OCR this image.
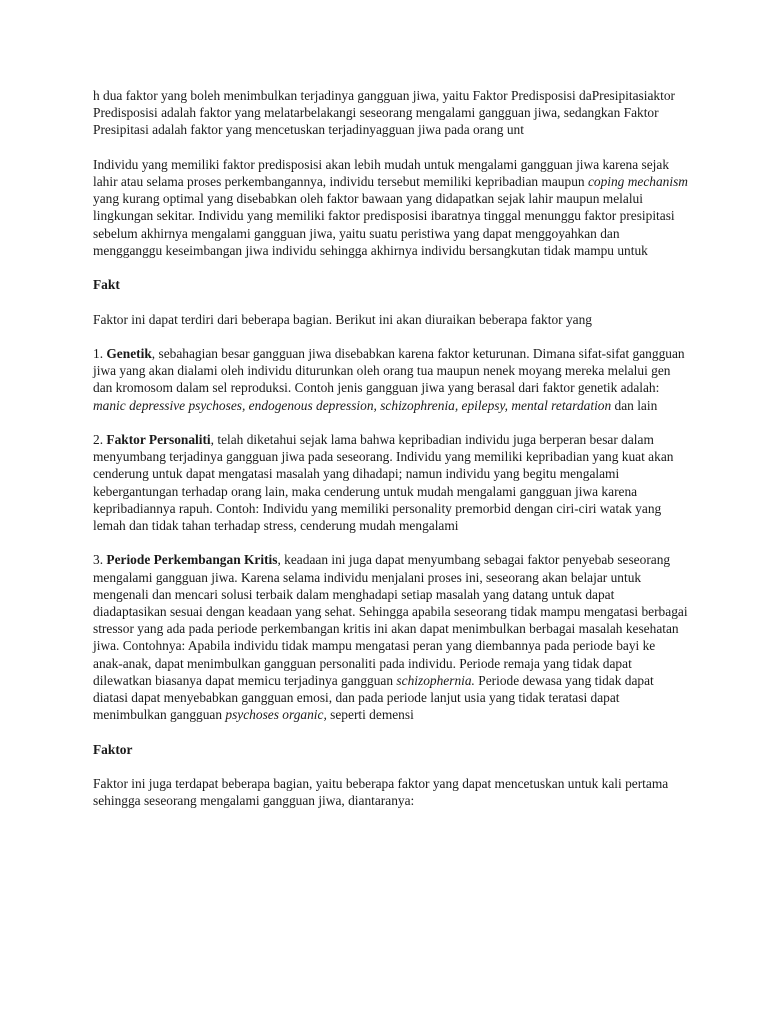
h dua faktor yang boleh menimbulkan terjadinya gangguan jiwa, yaitu Faktor Predisposisi daPresipitasiaktor Predisposisi adalah faktor yang melatarbelakangi seseorang mengalami gangguan jiwa, sedangkan Faktor Presipitasi adalah faktor yang mencetuskan terjadinyagguan jiwa pada orang unt

Individu yang memiliki faktor predisposisi akan lebih mudah untuk mengalami gangguan jiwa karena sejak lahir atau selama proses perkembangannya, individu tersebut memiliki kepribadian maupun coping mechanism yang kurang optimal yang disebabkan oleh faktor bawaan yang didapatkan sejak lahir maupun melalui lingkungan sekitar. Individu yang memiliki faktor predisposisi ibaratnya tinggal menunggu faktor presipitasi sebelum akhirnya mengalami gangguan jiwa, yaitu suatu peristiwa yang dapat menggoyahkan dan mengganggu keseimbangan jiwa individu sehingga akhirnya individu bersangkutan tidak mampu untuk

Fakt

Faktor ini dapat terdiri dari beberapa bagian. Berikut ini akan diuraikan beberapa faktor yang

1. Genetik, sebahagian besar gangguan jiwa disebabkan karena faktor keturunan. Dimana sifat-sifat gangguan jiwa yang akan dialami oleh individu diturunkan oleh orang tua maupun nenek moyang mereka melalui gen dan kromosom dalam sel reproduksi. Contoh jenis gangguan jiwa yang berasal dari faktor genetik adalah: manic depressive psychoses, endogenous depression, schizophrenia, epilepsy, mental retardation dan lain

2. Faktor Personaliti, telah diketahui sejak lama bahwa kepribadian individu juga berperan besar dalam menyumbang terjadinya gangguan jiwa pada seseorang. Individu yang memiliki kepribadian yang kuat akan cenderung untuk dapat mengatasi masalah yang dihadapi; namun individu yang begitu mengalami kebergantungan terhadap orang lain, maka cenderung untuk mudah mengalami gangguan jiwa karena kepribadiannya rapuh. Contoh: Individu yang memiliki personality premorbid dengan ciri-ciri watak yang lemah dan tidak tahan terhadap stress, cenderung mudah mengalami

3. Periode Perkembangan Kritis, keadaan ini juga dapat menyumbang sebagai faktor penyebab seseorang mengalami gangguan jiwa. Karena selama individu menjalani proses ini, seseorang akan belajar untuk mengenali dan mencari solusi terbaik dalam menghadapi setiap masalah yang datang untuk dapat diadaptasikan sesuai dengan keadaan yang sehat. Sehingga apabila seseorang tidak mampu mengatasi berbagai stressor yang ada pada periode perkembangan kritis ini akan dapat menimbulkan berbagai masalah kesehatan jiwa. Contohnya: Apabila individu tidak mampu mengatasi peran yang diembannya pada periode bayi ke anak-anak, dapat menimbulkan gangguan personaliti pada individu. Periode remaja yang tidak dapat dilewatkan biasanya dapat memicu terjadinya gangguan schizophernia. Periode dewasa yang tidak dapat diatasi dapat menyebabkan gangguan emosi, dan pada periode lanjut usia yang tidak teratasi dapat menimbulkan gangguan psychoses organic, seperti demensi

Faktor

Faktor ini juga terdapat beberapa bagian, yaitu beberapa faktor yang dapat mencetuskan untuk kali pertama sehingga seseorang mengalami gangguan jiwa, diantaranya:
